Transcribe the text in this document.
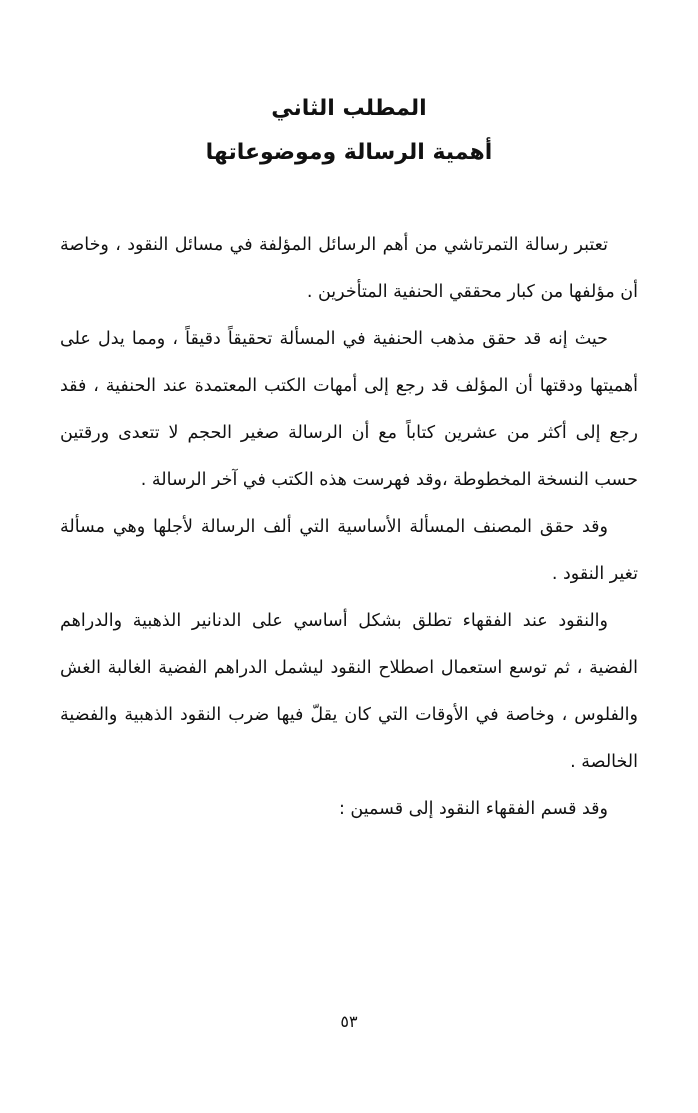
المطلب الثاني
أهمية الرسالة وموضوعاتها

تعتبر رسالة التمرتاشي من أهم الرسائل المؤلفة في مسائل النقود ، وخاصة أن مؤلفها من كبار محققي الحنفية المتأخرين .

حيث إنه قد حقق مذهب الحنفية في المسألة تحقيقاً دقيقاً ، ومما يدل على أهميتها ودقتها أن المؤلف قد رجع إلى أمهات الكتب المعتمدة عند الحنفية ، فقد رجع إلى أكثر من عشرين كتاباً مع أن الرسالة صغير الحجم لا تتعدى ورقتين حسب النسخة المخطوطة ،وقد فهرست هذه الكتب في آخر الرسالة .

وقد حقق المصنف المسألة الأساسية التي ألف الرسالة لأجلها وهي مسألة تغير النقود .

والنقود عند الفقهاء تطلق بشكل أساسي على الدنانير الذهبية والدراهم الفضية ، ثم توسع استعمال اصطلاح النقود ليشمل الدراهم الفضية الغالبة الغش والفلوس ، وخاصة في الأوقات التي كان يقلّ فيها ضرب النقود الذهبية والفضية الخالصة .

وقد قسم الفقهاء النقود إلى قسمين :

٥٣
